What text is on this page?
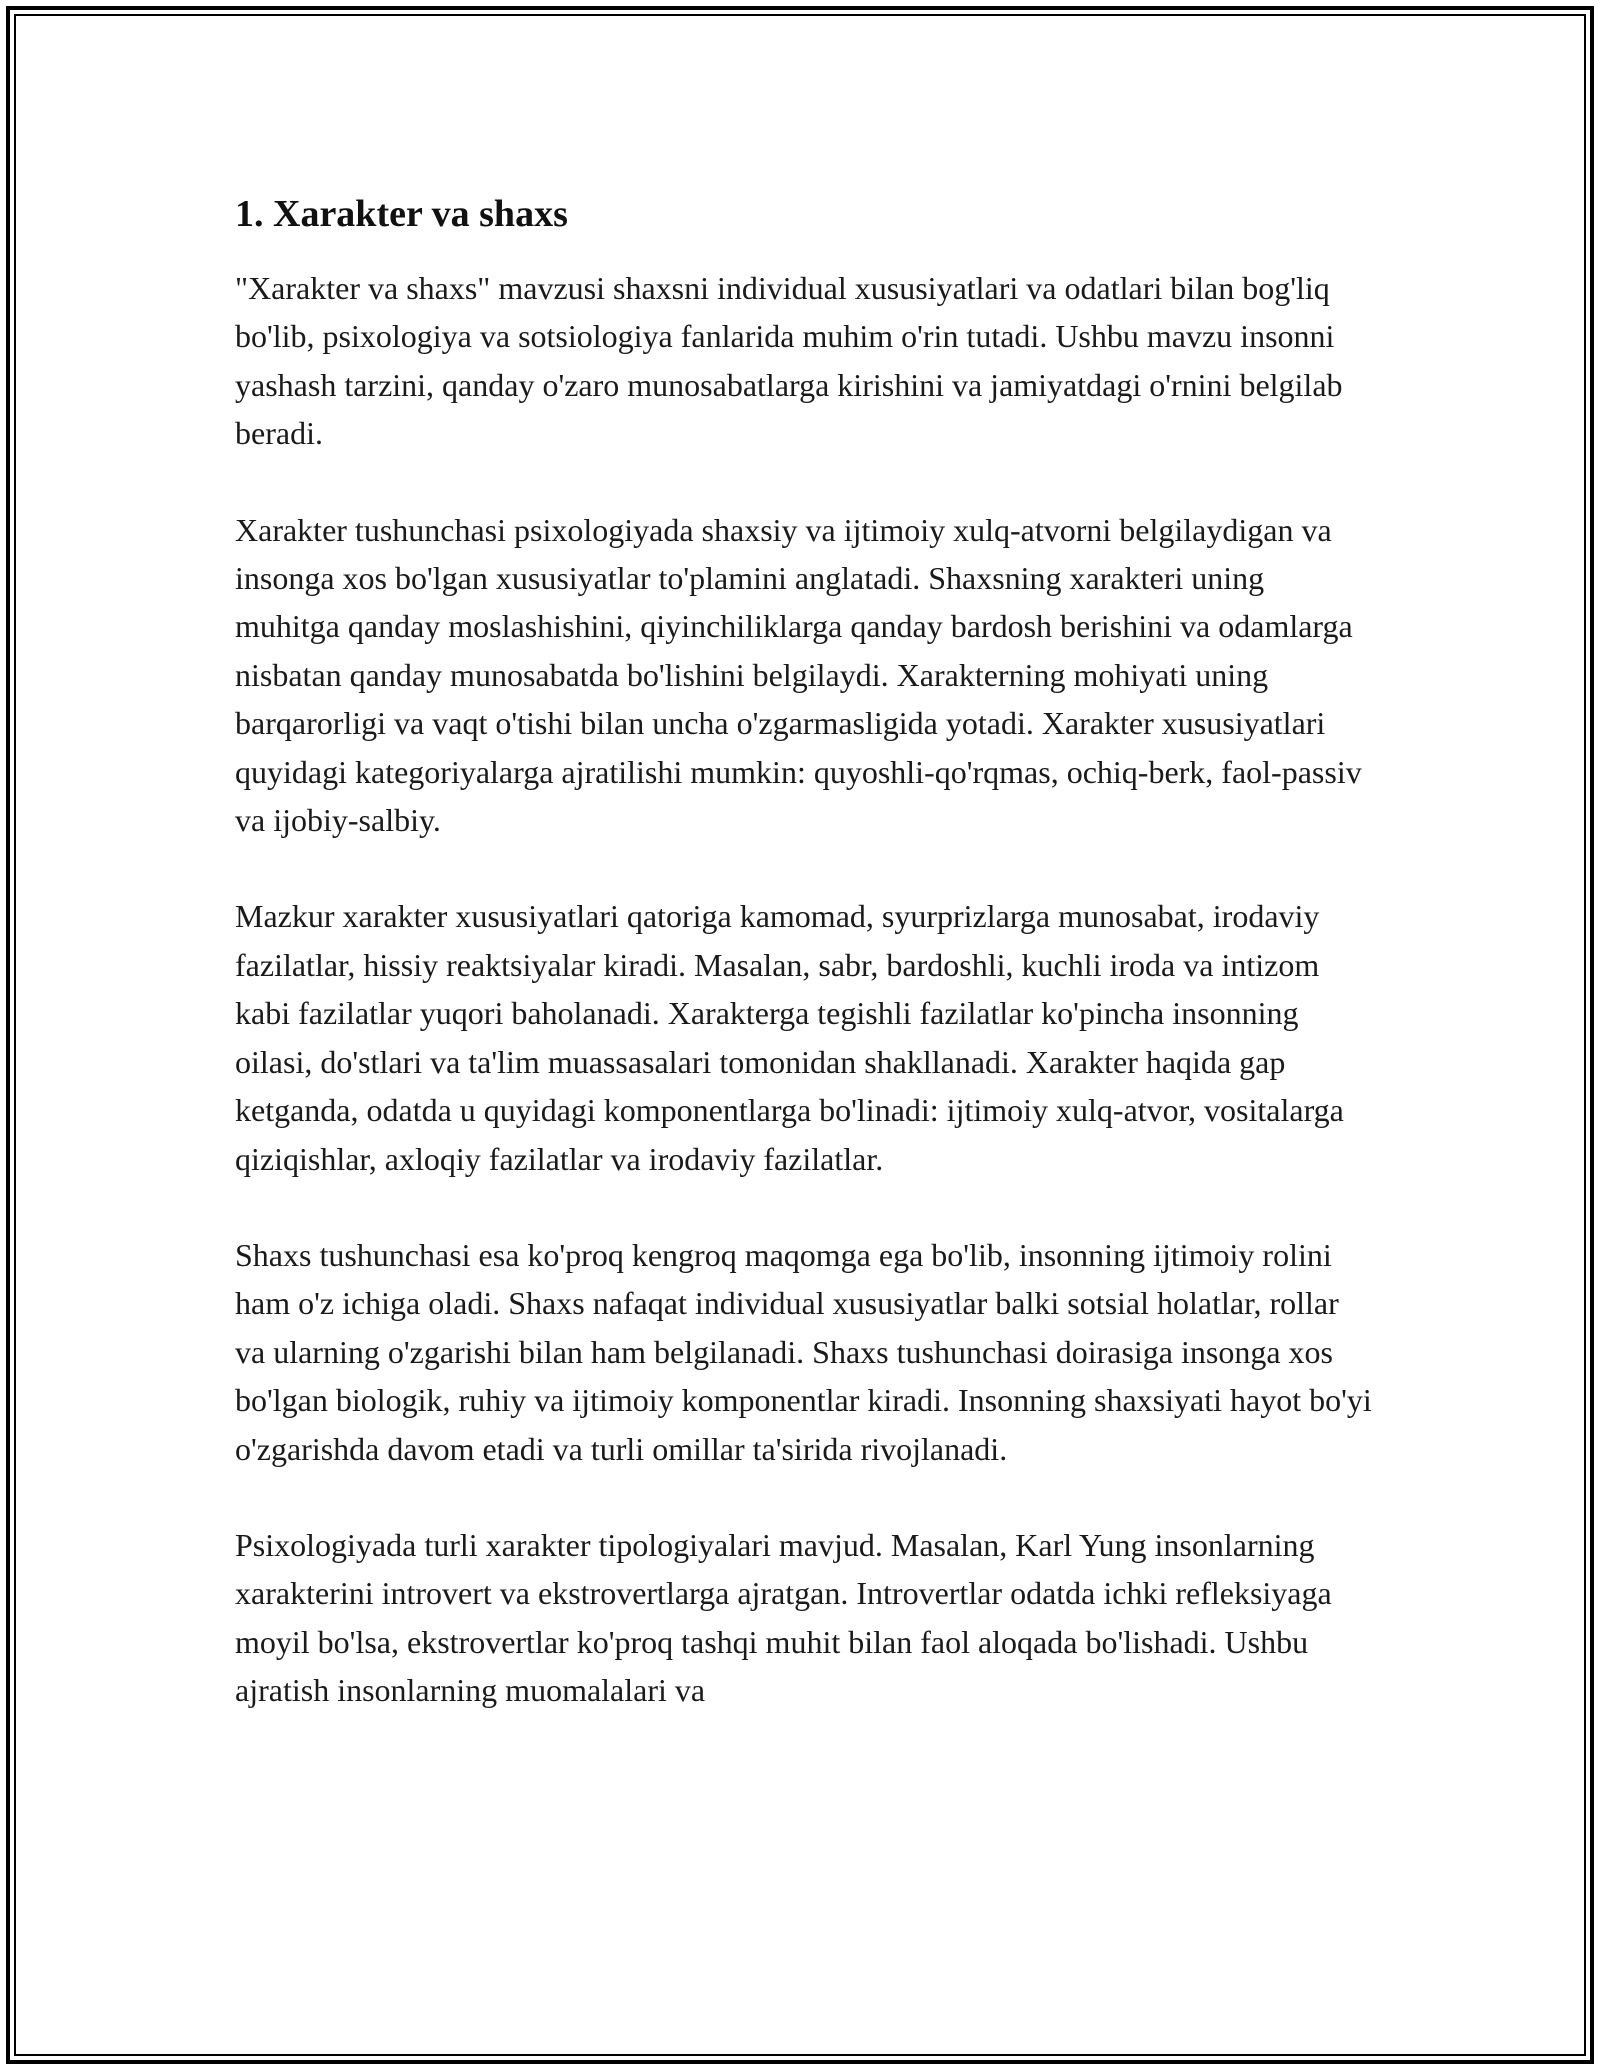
1. Xarakter va shaxs

"Xarakter va shaxs" mavzusi shaxsni individual xususiyatlari va odatlari bilan bog'liq bo'lib, psixologiya va sotsiologiya fanlarida muhim o'rin tutadi. Ushbu mavzu insonni yashash tarzini, qanday o'zaro munosabatlarga kirishini va jamiyatdagi o'rnini belgilab beradi.

Xarakter tushunchasi psixologiyada shaxsiy va ijtimoiy xulq-atvorni belgilaydigan va insonga xos bo'lgan xususiyatlar to'plamini anglatadi. Shaxsning xarakteri uning muhitga qanday moslashishini, qiyinchiliklarga qanday bardosh berishini va odamlarga nisbatan qanday munosabatda bo'lishini belgilaydi. Xarakterning mohiyati uning barqarorligi va vaqt o'tishi bilan uncha o'zgarmasligida yotadi. Xarakter xususiyatlari quyidagi kategoriyalarga ajratilishi mumkin: quyoshli-qo'rqmas, ochiq-berk, faol-passiv va ijobiy-salbiy.

Mazkur xarakter xususiyatlari qatoriga kamomad, syurprizlarga munosabat, irodaviy fazilatlar, hissiy reaktsiyalar kiradi. Masalan, sabr, bardoshli, kuchli iroda va intizom kabi fazilatlar yuqori baholanadi. Xarakterga tegishli fazilatlar ko'pincha insonning oilasi, do'stlari va ta'lim muassasalari tomonidan shakllanadi. Xarakter haqida gap ketganda, odatda u quyidagi komponentlarga bo'linadi: ijtimoiy xulq-atvor, vositalarga qiziqishlar, axloqiy fazilatlar va irodaviy fazilatlar.

Shaxs tushunchasi esa ko'proq kengroq maqomga ega bo'lib, insonning ijtimoiy rolini ham o'z ichiga oladi. Shaxs nafaqat individual xususiyatlar balki sotsial holatlar, rollar va ularning o'zgarishi bilan ham belgilanadi. Shaxs tushunchasi doirasiga insonga xos bo'lgan biologik, ruhiy va ijtimoiy komponentlar kiradi. Insonning shaxsiyati hayot bo'yi o'zgarishda davom etadi va turli omillar ta'sirida rivojlanadi.

Psixologiyada turli xarakter tipologiyalari mavjud. Masalan, Karl Yung insonlarning xarakterini introvert va ekstrovertlarga ajratgan. Introvertlar odatda ichki refleksiyaga moyil bo'lsa, ekstrovertlar ko'proq tashqi muhit bilan faol aloqada bo'lishadi. Ushbu ajratish insonlarning muomalalari va
